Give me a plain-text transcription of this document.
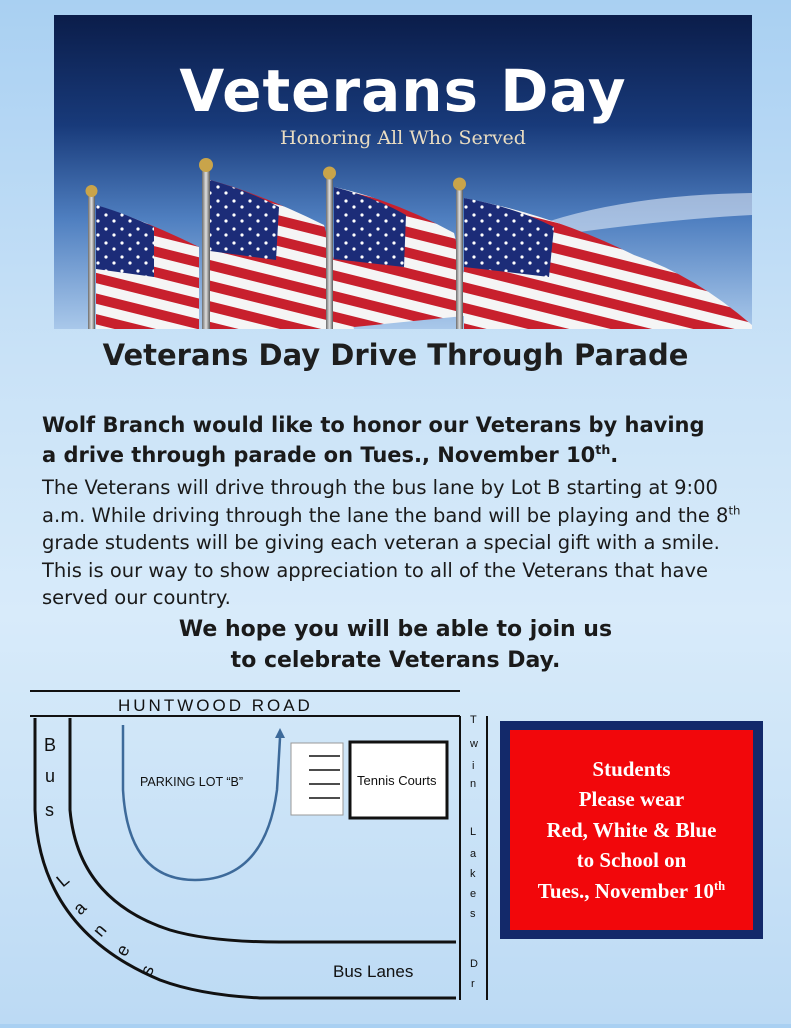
Veterans Day
Honoring All Who Served
Veterans Day Drive Through Parade
Wolf Branch would like to honor our Veterans by having
a drive through parade on Tues., November 10th.
The Veterans will drive through the bus lane by Lot B starting at 9:00 a.m. While driving through the lane the band will be playing and the 8th grade students will be giving each veteran a special gift with a smile. This is our way to show appreciation to all of the Veterans that have served our country.
We hope you will be able to join us
to celebrate Veterans Day.
HUNTWOOD ROAD
PARKING LOT “B”	Tennis Courts
Bus Lanes
B
u
s
L
a
n
e
s
T
w
i
n
L
a
k
e
s
D
r
Students
Please wear
Red, White & Blue
to School on
Tues., November 10th
